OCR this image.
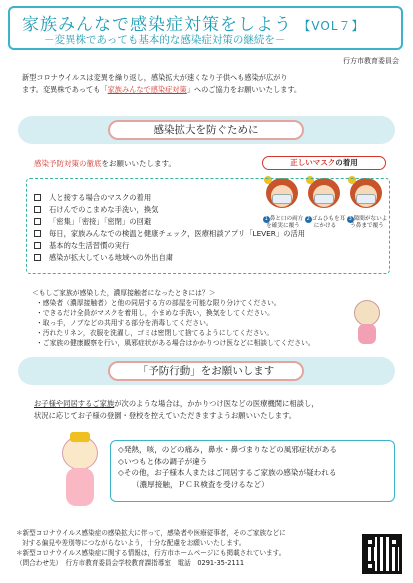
家族みんなで感染症対策をしよう 【VOL７】
－変異株であっても基本的な感染症対策の継続を－
行方市教育委員会
新型コロナウイルスは変異を繰り返し，感染拡大が速くなり子供へも感染が広がり
ます。変異株であっても「家族みんなで感染症対策」へのご協力をお願いいたします。
感染拡大を防ぐために
感染予防対策の徹底をお願いいたします。	正しいマスクの着用
1 鼻と口の両方を確実に覆う
2 ゴムひもを耳にかける
3 隙間がないよう鼻まで覆う
人と接する場合のマスクの着用
石けんでのこまめな手洗い，換気
「密集」「密接」「密閉」の回避
毎日，家族みんなでの検温と健康チェック，医療相談アプリ「LEVER」の活用
基本的な生活習慣の実行
感染が拡大している地域への外出自粛
＜もしご家族が感染した，濃厚接触者になったときには？＞
・感染者（濃厚接触者）と他の同居する方の部屋を可能な限り分けてください。
・できるだけ全員がマスクを着用し，小まめな手洗い，換気をしてください。
・取っ手，ノブなどの共用する部分を消毒してください。
・汚れたリネン，衣服を洗濯し，ゴミは密閉して捨てるようにしてください。
・ご家族の健康観察を行い，風邪症状がある場合はかかりつけ医などに相談してください。
「予防行動」をお願いします
お子様や同居するご家族が次のような場合は，かかりつけ医などの医療機関に相談し，
状況に応じてお子様の登園・登校を控えていただきますようお願いいたします。
◇発熱，咳，のどの痛み，鼻水・鼻づまりなどの風邪症状がある
◇いつもと体の調子が違う
◇その他，お子様本人またはご同居するご家族の感染が疑われる
（濃厚接触，ＰＣＲ検査を受けるなど）
＊新型コロナウイルス感染症の感染拡大に伴って，感染者や医療従事者，そのご家族などに
対する偏見や差別等につながらないよう，十分な配慮をお願いいたします。
＊新型コロナウイルス感染症に関する情報は，行方市ホームページにも掲載されています。
（問合わせ先）　行方市教育委員会学校教育課指導室　電話　0291-35-2111
